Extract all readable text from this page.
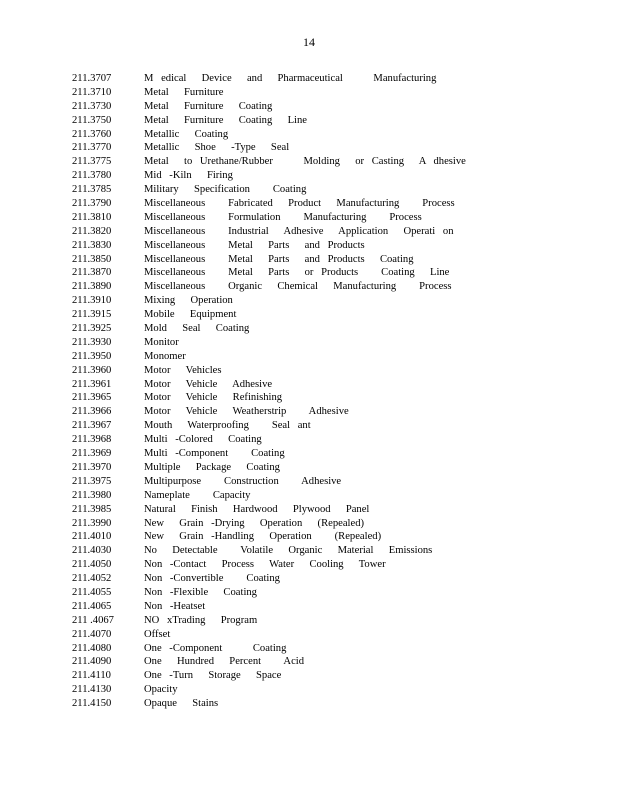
14
211.3707	M edical  Device  and  Pharmaceutical    Manufacturing
211.3710	Metal  Furniture
211.3730	Metal  Furniture  Coating
211.3750	Metal  Furniture  Coating  Line
211.3760	Metallic  Coating
211.3770	Metallic  Shoe  -Type  Seal
211.3775	Metal  to Urethane/Rubber    Molding  or Casting  A dhesive
211.3780	Mid -Kiln  Firing
211.3785	Military  Specification   Coating
211.3790	Miscellaneous   Fabricated  Product  Manufacturing   Process
211.3810	Miscellaneous   Formulation   Manufacturing   Process
211.3820	Miscellaneous   Industrial  Adhesive  Application  Operati on
211.3830	Miscellaneous   Metal  Parts  and Products
211.3850	Miscellaneous   Metal  Parts  and Products  Coating
211.3870	Miscellaneous   Metal  Parts  or Products   Coating  Line
211.3890	Miscellaneous   Organic  Chemical  Manufacturing   Process
211.3910	Mixing  Operation
211.3915	Mobile  Equipment
211.3925	Mold  Seal  Coating
211.3930	Monitor
211.3950	Monomer
211.3960	Motor  Vehicles
211.3961	Motor  Vehicle  Adhesive
211.3965	Motor  Vehicle  Refinishing
211.3966	Motor  Vehicle  Weatherstrip   Adhesive
211.3967	Mouth  Waterproofing   Seal ant
211.3968	Multi -Colored  Coating
211.3969	Multi -Component   Coating
211.3970	Multiple  Package  Coating
211.3975	Multipurpose   Construction   Adhesive
211.3980	Nameplate   Capacity
211.3985	Natural  Finish  Hardwood  Plywood  Panel
211.3990	New  Grain -Drying  Operation  (Repealed)
211.4010	New  Grain -Handling  Operation   (Repealed)
211.4030	No  Detectable   Volatile  Organic  Material  Emissions
211.4050	Non -Contact  Process  Water  Cooling  Tower
211.4052	Non -Convertible   Coating
211.4055	Non -Flexible  Coating
211.4065	Non -Heatset
211 .4067	NO xTrading  Program
211.4070	Offset
211.4080	One -Component    Coating
211.4090	One  Hundred  Percent   Acid
211.4110	One -Turn  Storage  Space
211.4130	Opacity
211.4150	Opaque  Stains
